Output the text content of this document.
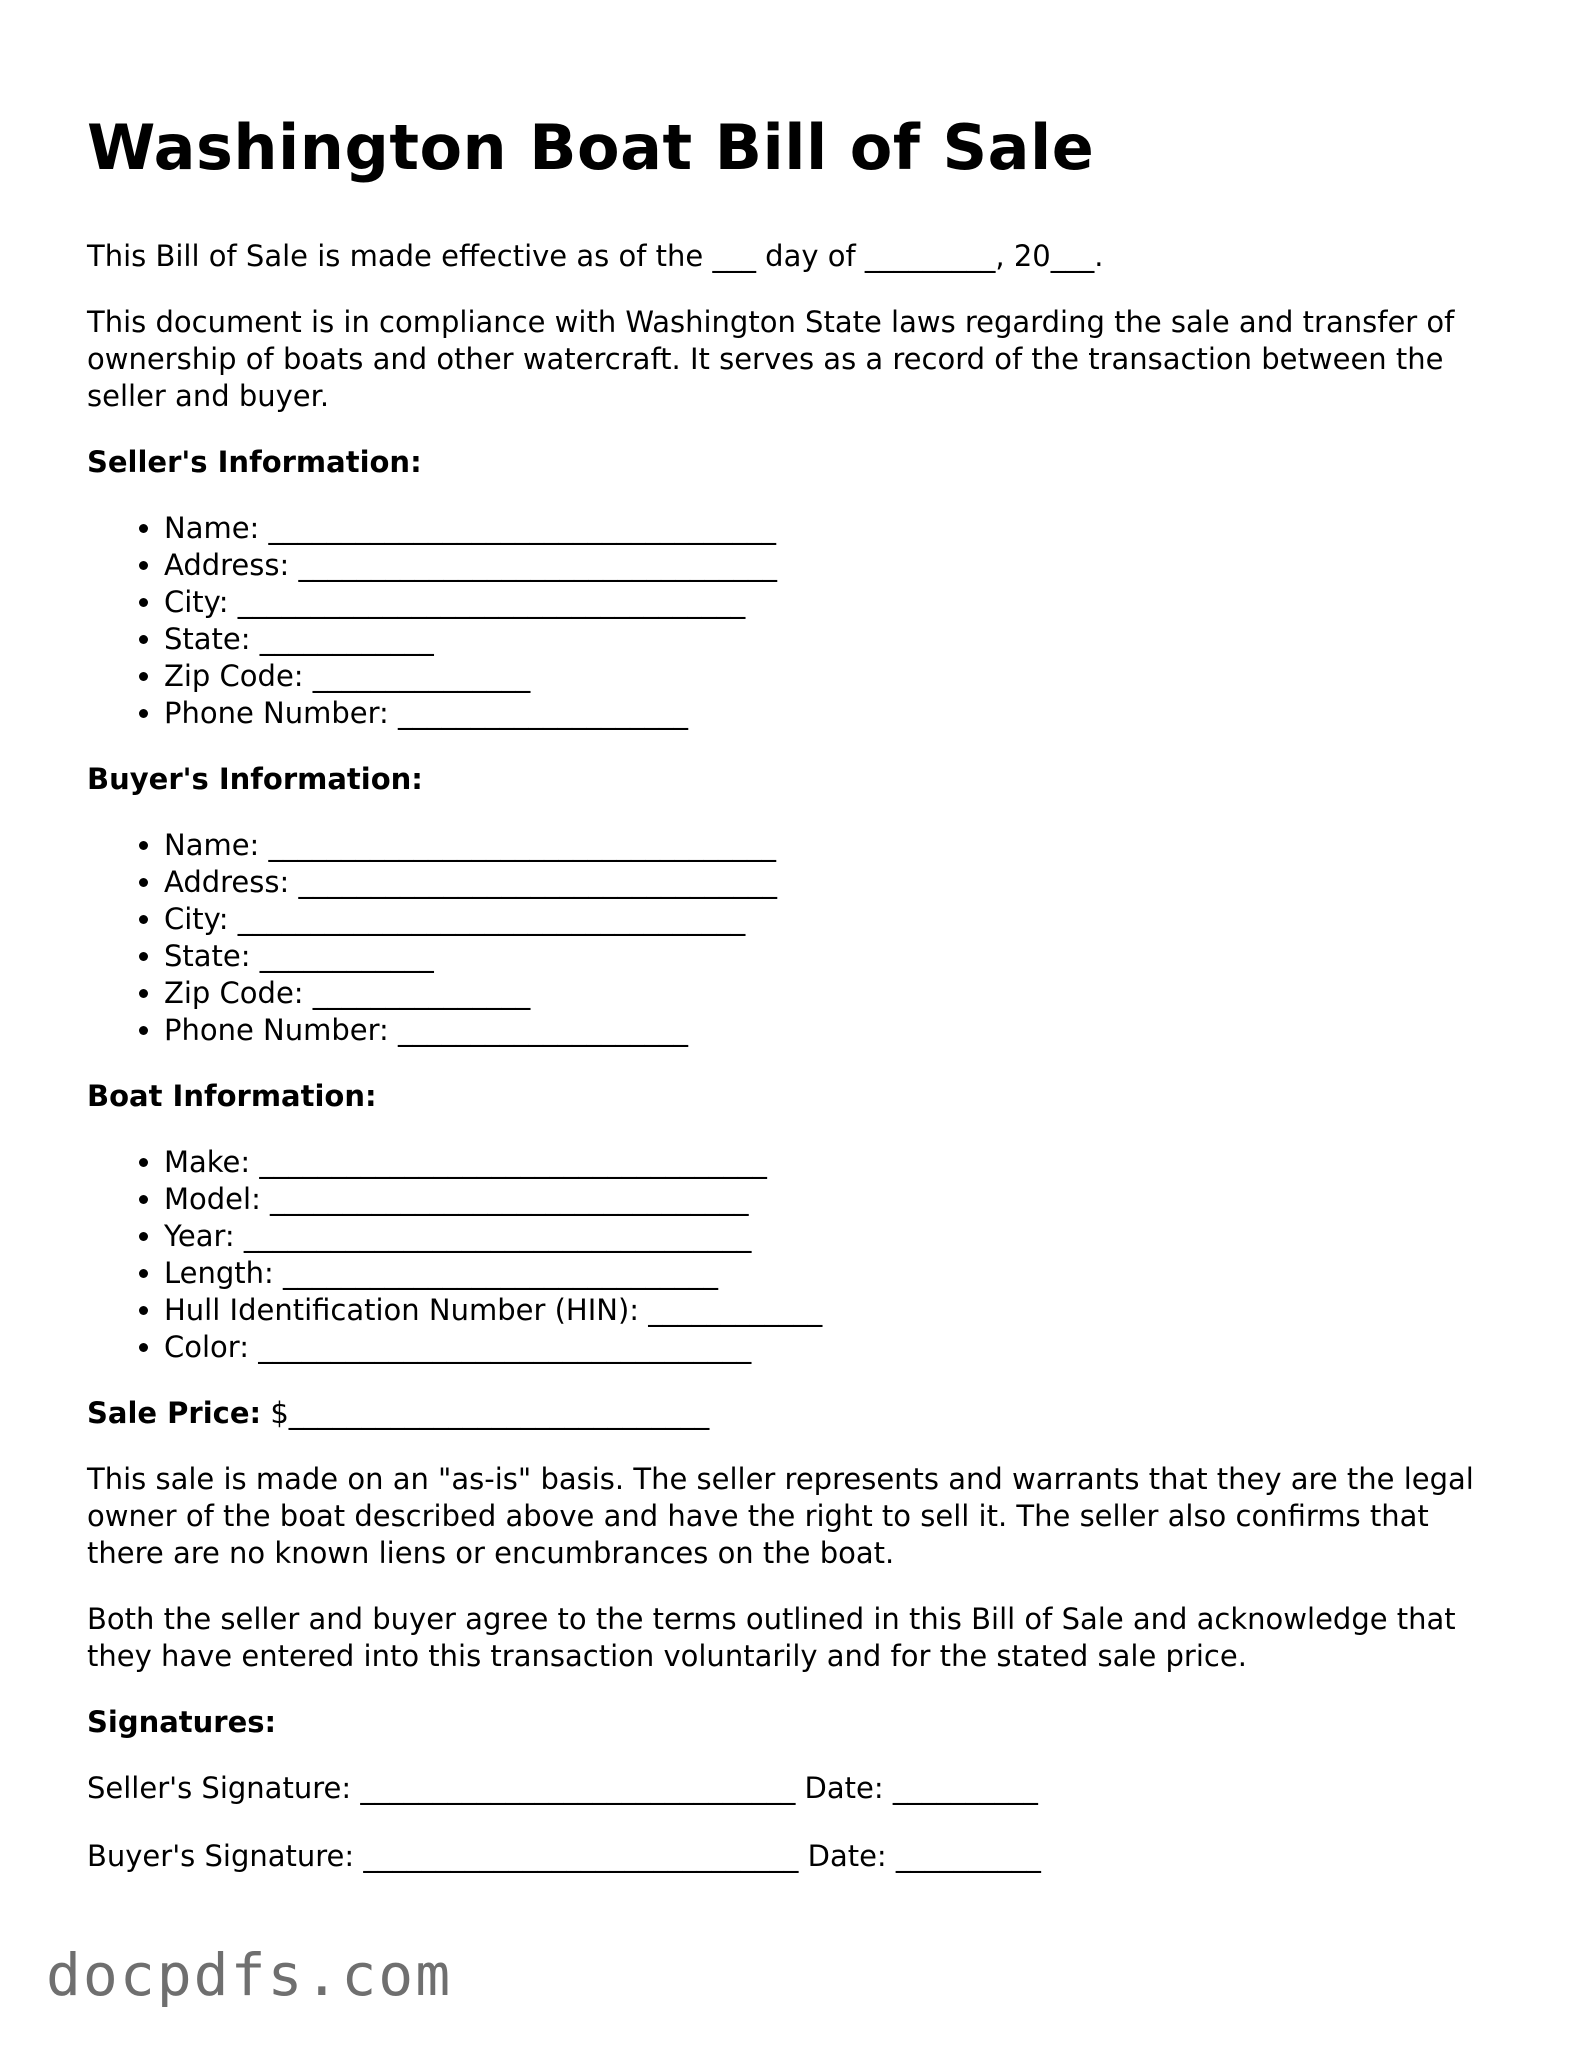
Washington Boat Bill of Sale

This Bill of Sale is made effective as of the ___ day of _________, 20___.

This document is in compliance with Washington State laws regarding the sale and transfer of ownership of boats and other watercraft. It serves as a record of the transaction between the seller and buyer.

Seller's Information:
• Name: ___________________________________
• Address: _________________________________
• City: ___________________________________
• State: ____________
• Zip Code: _______________
• Phone Number: ____________________
Buyer's Information:
• Name: ___________________________________
• Address: _________________________________
• City: ___________________________________
• State: ____________
• Zip Code: _______________
• Phone Number: ____________________
Boat Information:
• Make: ___________________________________
• Model: _________________________________
• Year: ___________________________________
• Length: ______________________________
• Hull Identification Number (HIN): ____________
• Color: __________________________________

Sale Price: $_____________________________

This sale is made on an "as-is" basis. The seller represents and warrants that they are the legal owner of the boat described above and have the right to sell it. The seller also confirms that there are no known liens or encumbrances on the boat.

Both the seller and buyer agree to the terms outlined in this Bill of Sale and acknowledge that they have entered into this transaction voluntarily and for the stated sale price.

Signatures:
Seller's Signature: ______________________________ Date: __________
Buyer's Signature: ______________________________ Date: __________
docpdfs.com
